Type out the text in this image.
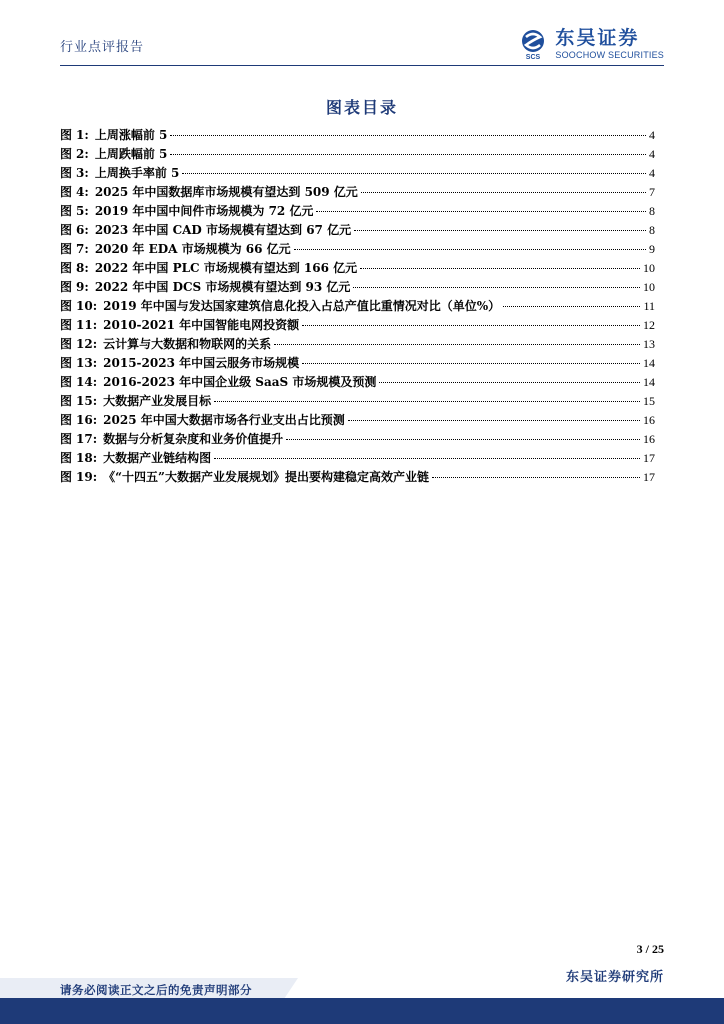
行业点评报告
SCS
东吴证券
SOOCHOW SECURITIES
图表目录
图 1 : 上周涨幅前 5	4
图 2 : 上周跌幅前 5	4
图 3 : 上周换手率前 5	4
图 4 : 2025 年中国数据库市场规模有望达到 509 亿元	7
图 5 : 2019 年中国中间件市场规模为 72 亿元	8
图 6 : 2023 年中国 CAD 市场规模有望达到 67 亿元	8
图 7 : 2020 年 EDA 市场规模为 66 亿元	9
图 8 : 2022 年中国 PLC 市场规模有望达到 166 亿元	10
图 9 : 2022 年中国 DCS 市场规模有望达到 93 亿元	10
图 10 : 2019 年中国与发达国家建筑信息化投入占总产值比重情况对比（单位%）	11
图 11 : 2010-2021 年中国智能电网投资额	12
图 12 : 云计算与大数据和物联网的关系	13
图 13 : 2015-2023 年中国云服务市场规模	14
图 14 : 2016-2023 年中国企业级 SaaS 市场规模及预测	14
图 15 : 大数据产业发展目标	15
图 16 : 2025 年中国大数据市场各行业支出占比预测	16
图 17 : 数据与分析复杂度和业务价值提升	16
图 18 : 大数据产业链结构图	17
图 19 : 《“十四五”大数据产业发展规划》提出要构建稳定高效产业链	17
3 / 25
东吴证券研究所
请务必阅读正文之后的免责声明部分
